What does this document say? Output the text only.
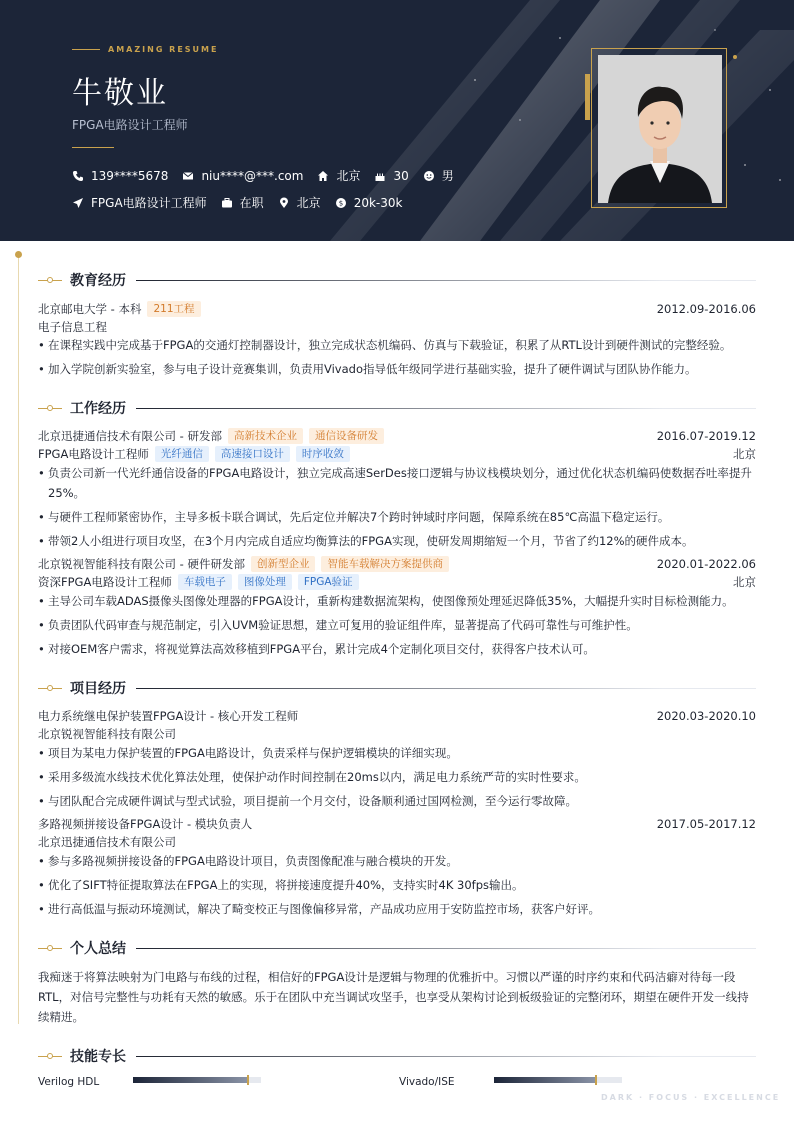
AMAZING RESUME
牛敬业
FPGA电路设计工程师
139****5678	niu****@***.com	北京	30	男
FPGA电路设计工程师	在职	北京	$ 20k-30k
教育经历
北京邮电大学 - 本科	211工程	2012.09-2016.06
电子信息工程
• 在课程实践中完成基于FPGA的交通灯控制器设计，独立完成状态机编码、仿真与下载验证，积累了从RTL设计到硬件测试的完整经验。
• 加入学院创新实验室，参与电子设计竞赛集训，负责用Vivado指导低年级同学进行基础实验，提升了硬件调试与团队协作能力。
工作经历
北京迅捷通信技术有限公司 - 研发部	高新技术企业	通信设备研发	2016.07-2019.12
FPGA电路设计工程师	光纤通信	高速接口设计	时序收敛	北京
• 负责公司新一代光纤通信设备的FPGA电路设计，独立完成高速SerDes接口逻辑与协议栈模块划分，通过优化状态机编码使数据吞吐率提升25%。
• 与硬件工程师紧密协作，主导多板卡联合调试，先后定位并解决7个跨时钟域时序问题，保障系统在85℃高温下稳定运行。
• 带领2人小组进行项目攻坚，在3个月内完成自适应均衡算法的FPGA实现，使研发周期缩短一个月，节省了约12%的硬件成本。
北京锐视智能科技有限公司 - 硬件研发部	创新型企业	智能车载解决方案提供商	2020.01-2022.06
资深FPGA电路设计工程师	车载电子	图像处理	FPGA验证	北京
• 主导公司车载ADAS摄像头图像处理器的FPGA设计，重新构建数据流架构，使图像预处理延迟降低35%，大幅提升实时目标检测能力。
• 负责团队代码审查与规范制定，引入UVM验证思想，建立可复用的验证组件库，显著提高了代码可靠性与可维护性。
• 对接OEM客户需求，将视觉算法高效移植到FPGA平台，累计完成4个定制化项目交付，获得客户技术认可。
项目经历
电力系统继电保护装置FPGA设计 - 核心开发工程师	2020.03-2020.10
北京锐视智能科技有限公司
• 项目为某电力保护装置的FPGA电路设计，负责采样与保护逻辑模块的详细实现。
• 采用多级流水线技术优化算法处理，使保护动作时间控制在20ms以内，满足电力系统严苛的实时性要求。
• 与团队配合完成硬件调试与型式试验，项目提前一个月交付，设备顺利通过国网检测，至今运行零故障。
多路视频拼接设备FPGA设计 - 模块负责人	2017.05-2017.12
北京迅捷通信技术有限公司
• 参与多路视频拼接设备的FPGA电路设计项目，负责图像配准与融合模块的开发。
• 优化了SIFT特征提取算法在FPGA上的实现，将拼接速度提升40%，支持实时4K 30fps输出。
• 进行高低温与振动环境测试，解决了畸变校正与图像偏移异常，产品成功应用于安防监控市场，获客户好评。
个人总结
我痴迷于将算法映射为门电路与布线的过程，相信好的FPGA设计是逻辑与物理的优雅折中。习惯以严谨的时序约束和代码洁癖对待每一段RTL，对信号完整性与功耗有天然的敏感。乐于在团队中充当调试攻坚手，也享受从架构讨论到板级验证的完整闭环，期望在硬件开发一线持续精进。
技能专长
Verilog HDL	Vivado/ISE
DARK · FOCUS · EXCELLENCE
